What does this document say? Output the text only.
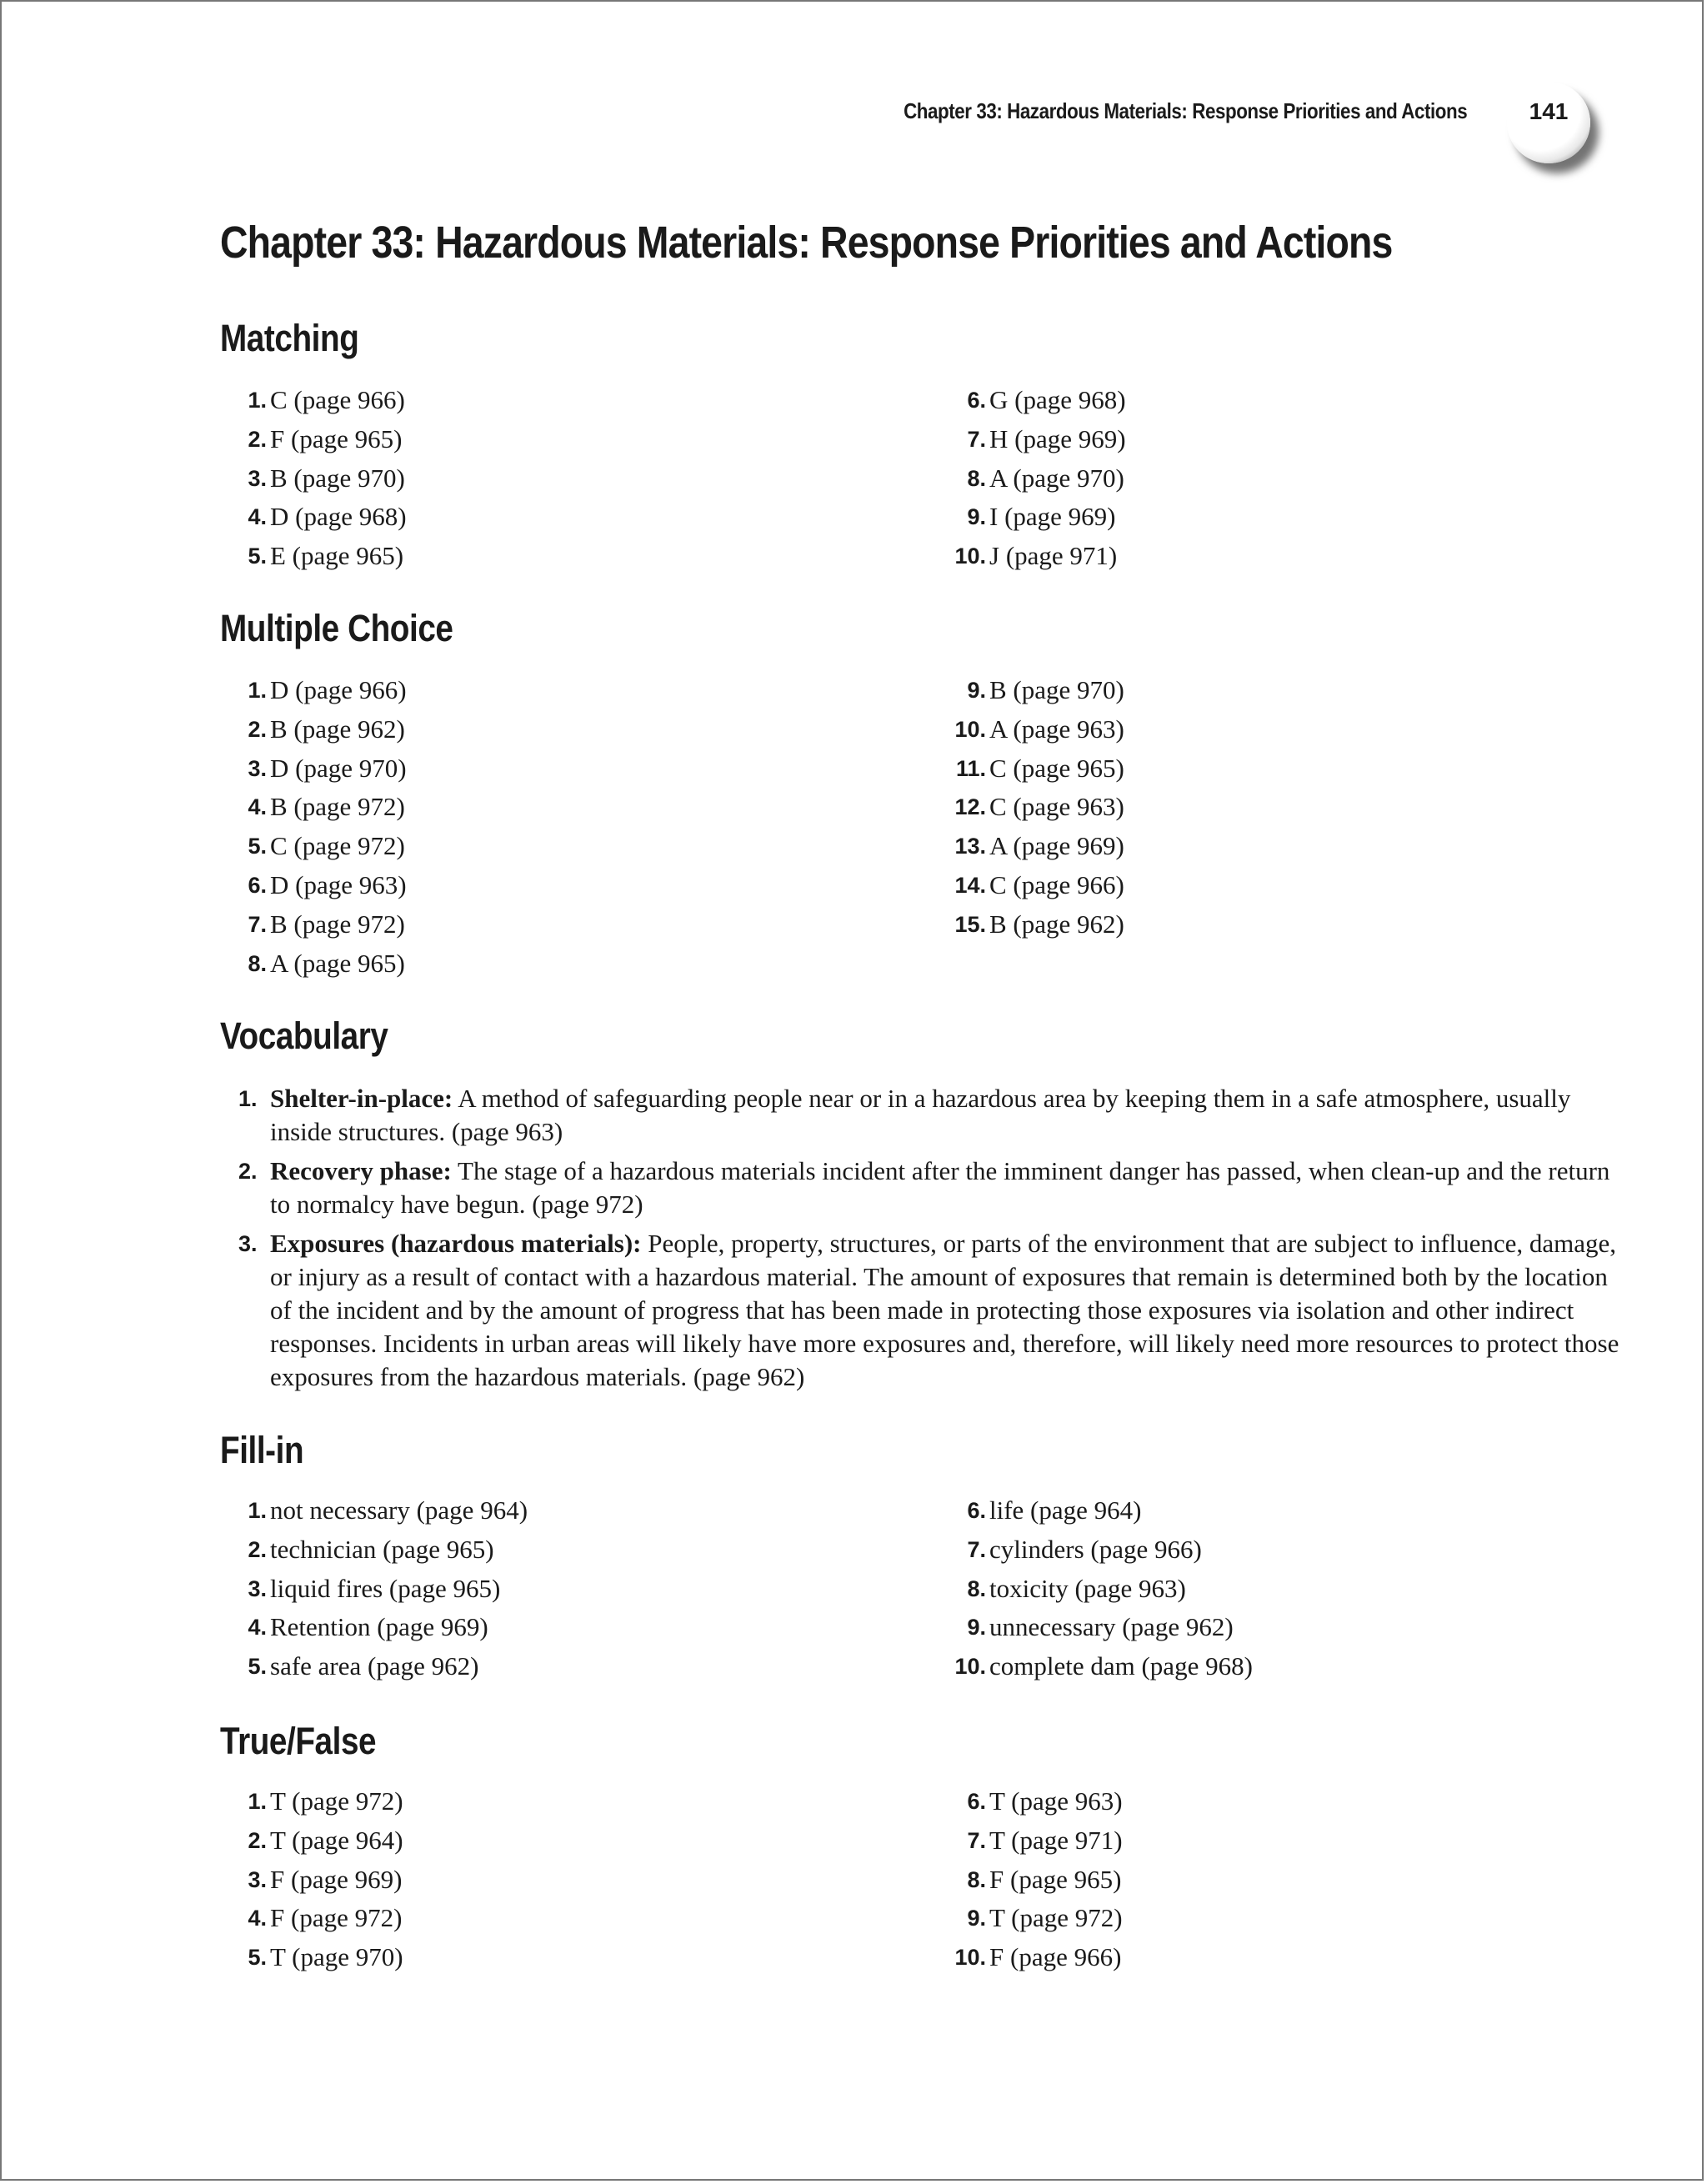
Chapter 33: Hazardous Materials: Response Priorities and Actions	141
Chapter 33: Hazardous Materials: Response Priorities and Actions
Matching
1. C (page 966)
2. F (page 965)
3. B (page 970)
4. D (page 968)
5. E (page 965)
6. G (page 968)
7. H (page 969)
8. A (page 970)
9. I (page 969)
10. J (page 971)
Multiple Choice
1. D (page 966)
2. B (page 962)
3. D (page 970)
4. B (page 972)
5. C (page 972)
6. D (page 963)
7. B (page 972)
8. A (page 965)
9. B (page 970)
10. A (page 963)
11. C (page 965)
12. C (page 963)
13. A (page 969)
14. C (page 966)
15. B (page 962)
Vocabulary
1. Shelter-in-place: A method of safeguarding people near or in a hazardous area by keeping them in a safe atmosphere, usually inside structures. (page 963)
2. Recovery phase: The stage of a hazardous materials incident after the imminent danger has passed, when clean-up and the return to normalcy have begun. (page 972)
3. Exposures (hazardous materials): People, property, structures, or parts of the environment that are subject to influence, damage, or injury as a result of contact with a hazardous material. The amount of exposures that remain is determined both by the location of the incident and by the amount of progress that has been made in protecting those exposures via isolation and other indirect responses. Incidents in urban areas will likely have more exposures and, therefore, will likely need more resources to protect those exposures from the hazardous materials. (page 962)
Fill-in
1. not necessary (page 964)
2. technician (page 965)
3. liquid fires (page 965)
4. Retention (page 969)
5. safe area (page 962)
6. life (page 964)
7. cylinders (page 966)
8. toxicity (page 963)
9. unnecessary (page 962)
10. complete dam (page 968)
True/False
1. T (page 972)
2. T (page 964)
3. F (page 969)
4. F (page 972)
5. T (page 970)
6. T (page 963)
7. T (page 971)
8. F (page 965)
9. T (page 972)
10. F (page 966)
